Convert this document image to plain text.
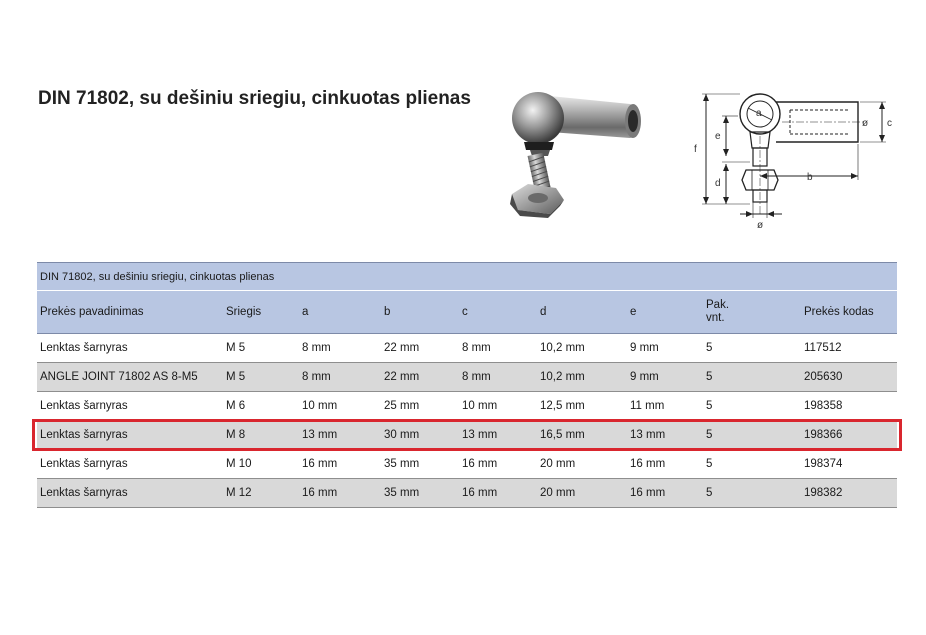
DIN 71802, su dešiniu sriegiu, cinkuotas plienas
f
e
d
a
b
c
ø
ø
DIN 71802, su dešiniu sriegiu, cinkuotas plienas								
Prekės pavadinimas	Sriegis	a	b	c	d	e	Pak.
vnt.	Prekės kodas
Lenktas šarnyras	M 5	8 mm	22 mm	8 mm	10,2 mm	9 mm	5	117512
ANGLE JOINT 71802 AS 8-M5	M 5	8 mm	22 mm	8 mm	10,2 mm	9 mm	5	205630
Lenktas šarnyras	M 6	10 mm	25 mm	10 mm	12,5 mm	11 mm	5	198358
Lenktas šarnyras	M 8	13 mm	30 mm	13 mm	16,5 mm	13 mm	5	198366
Lenktas šarnyras	M 10	16 mm	35 mm	16 mm	20 mm	16 mm	5	198374
Lenktas šarnyras	M 12	16 mm	35 mm	16 mm	20 mm	16 mm	5	198382
